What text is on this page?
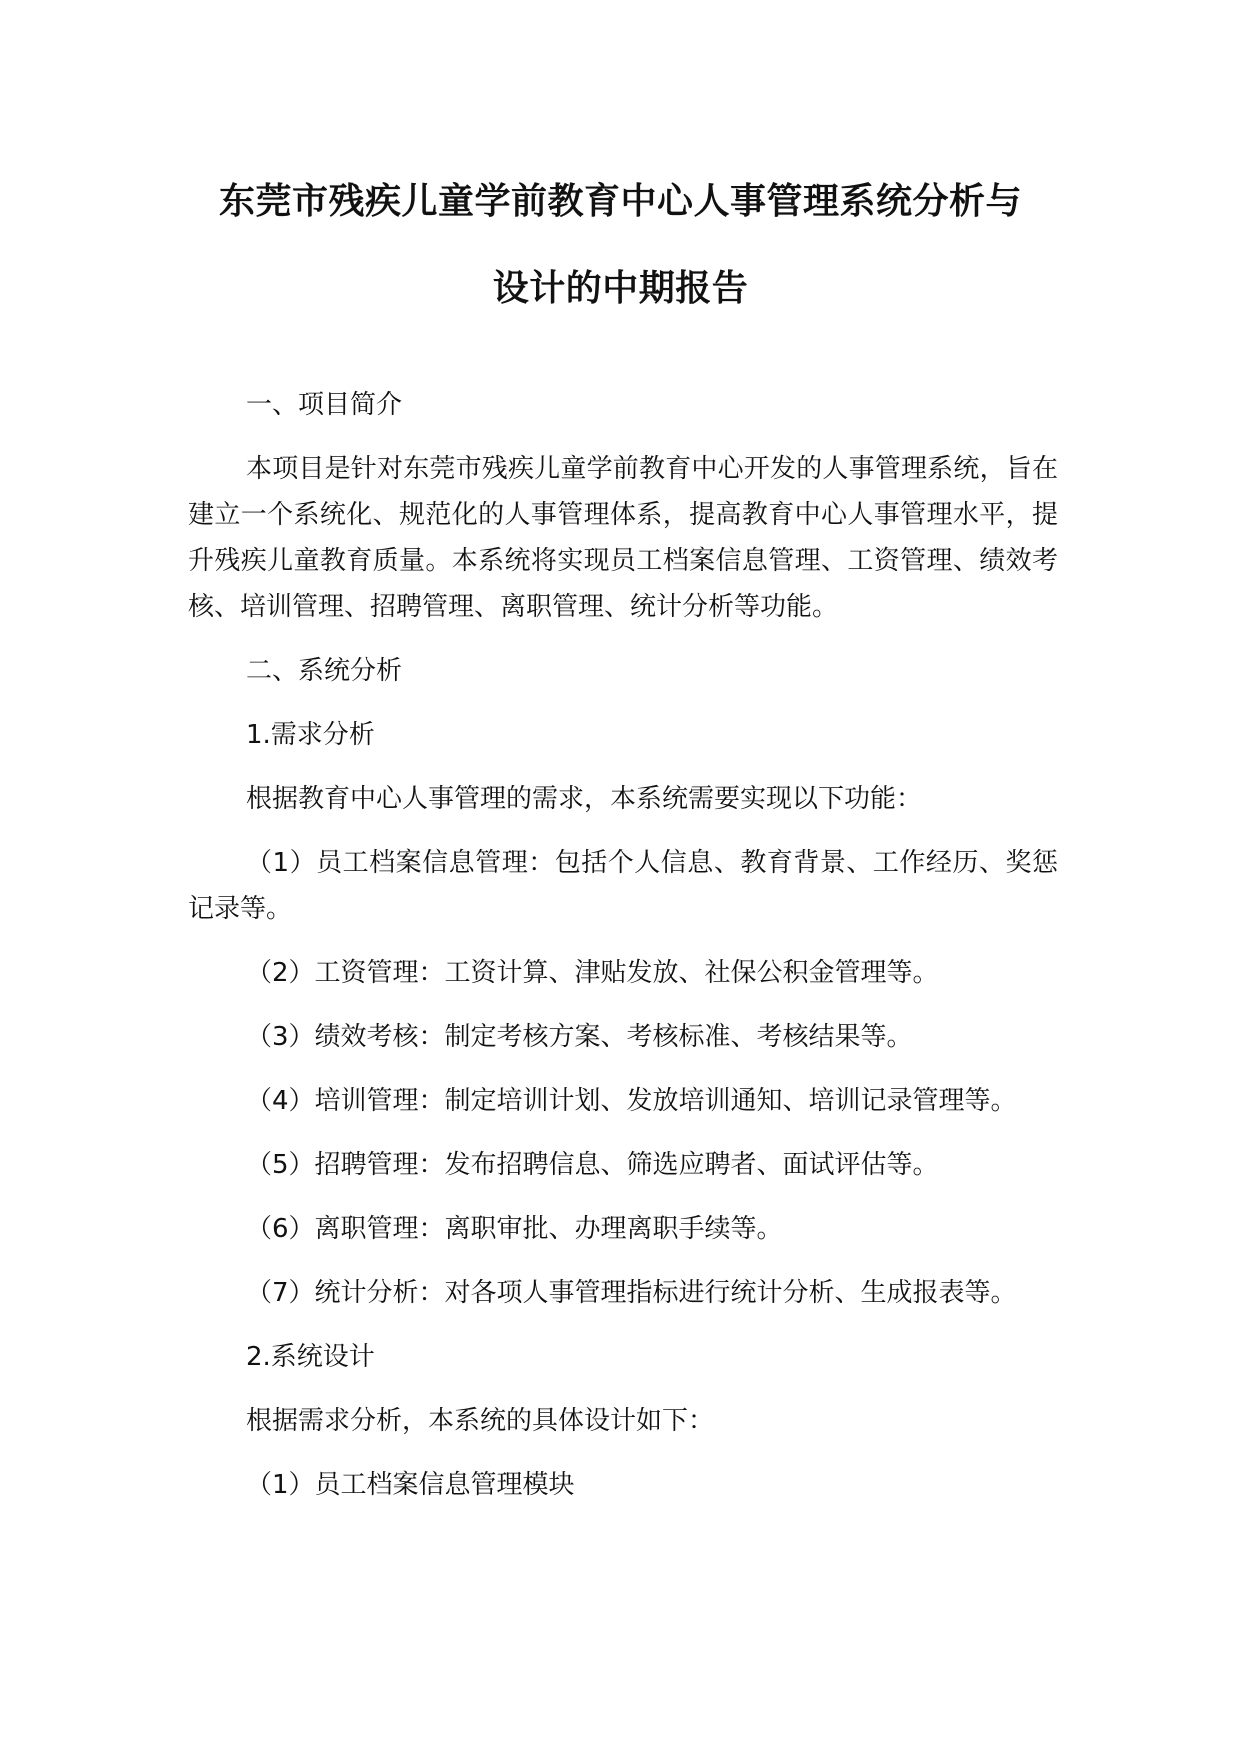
东莞市残疾儿童学前教育中心人事管理系统分析与
设计的中期报告

一、项目简介

本项目是针对东莞市残疾儿童学前教育中心开发的人事管理系统，旨在建立一个系统化、规范化的人事管理体系，提高教育中心人事管理水平，提升残疾儿童教育质量。本系统将实现员工档案信息管理、工资管理、绩效考核、培训管理、招聘管理、离职管理、统计分析等功能。

二、系统分析

1.需求分析

根据教育中心人事管理的需求，本系统需要实现以下功能：

（1）员工档案信息管理：包括个人信息、教育背景、工作经历、奖惩记录等。

（2）工资管理：工资计算、津贴发放、社保公积金管理等。

（3）绩效考核：制定考核方案、考核标准、考核结果等。

（4）培训管理：制定培训计划、发放培训通知、培训记录管理等。

（5）招聘管理：发布招聘信息、筛选应聘者、面试评估等。

（6）离职管理：离职审批、办理离职手续等。

（7）统计分析：对各项人事管理指标进行统计分析、生成报表等。

2.系统设计

根据需求分析，本系统的具体设计如下：

（1）员工档案信息管理模块
